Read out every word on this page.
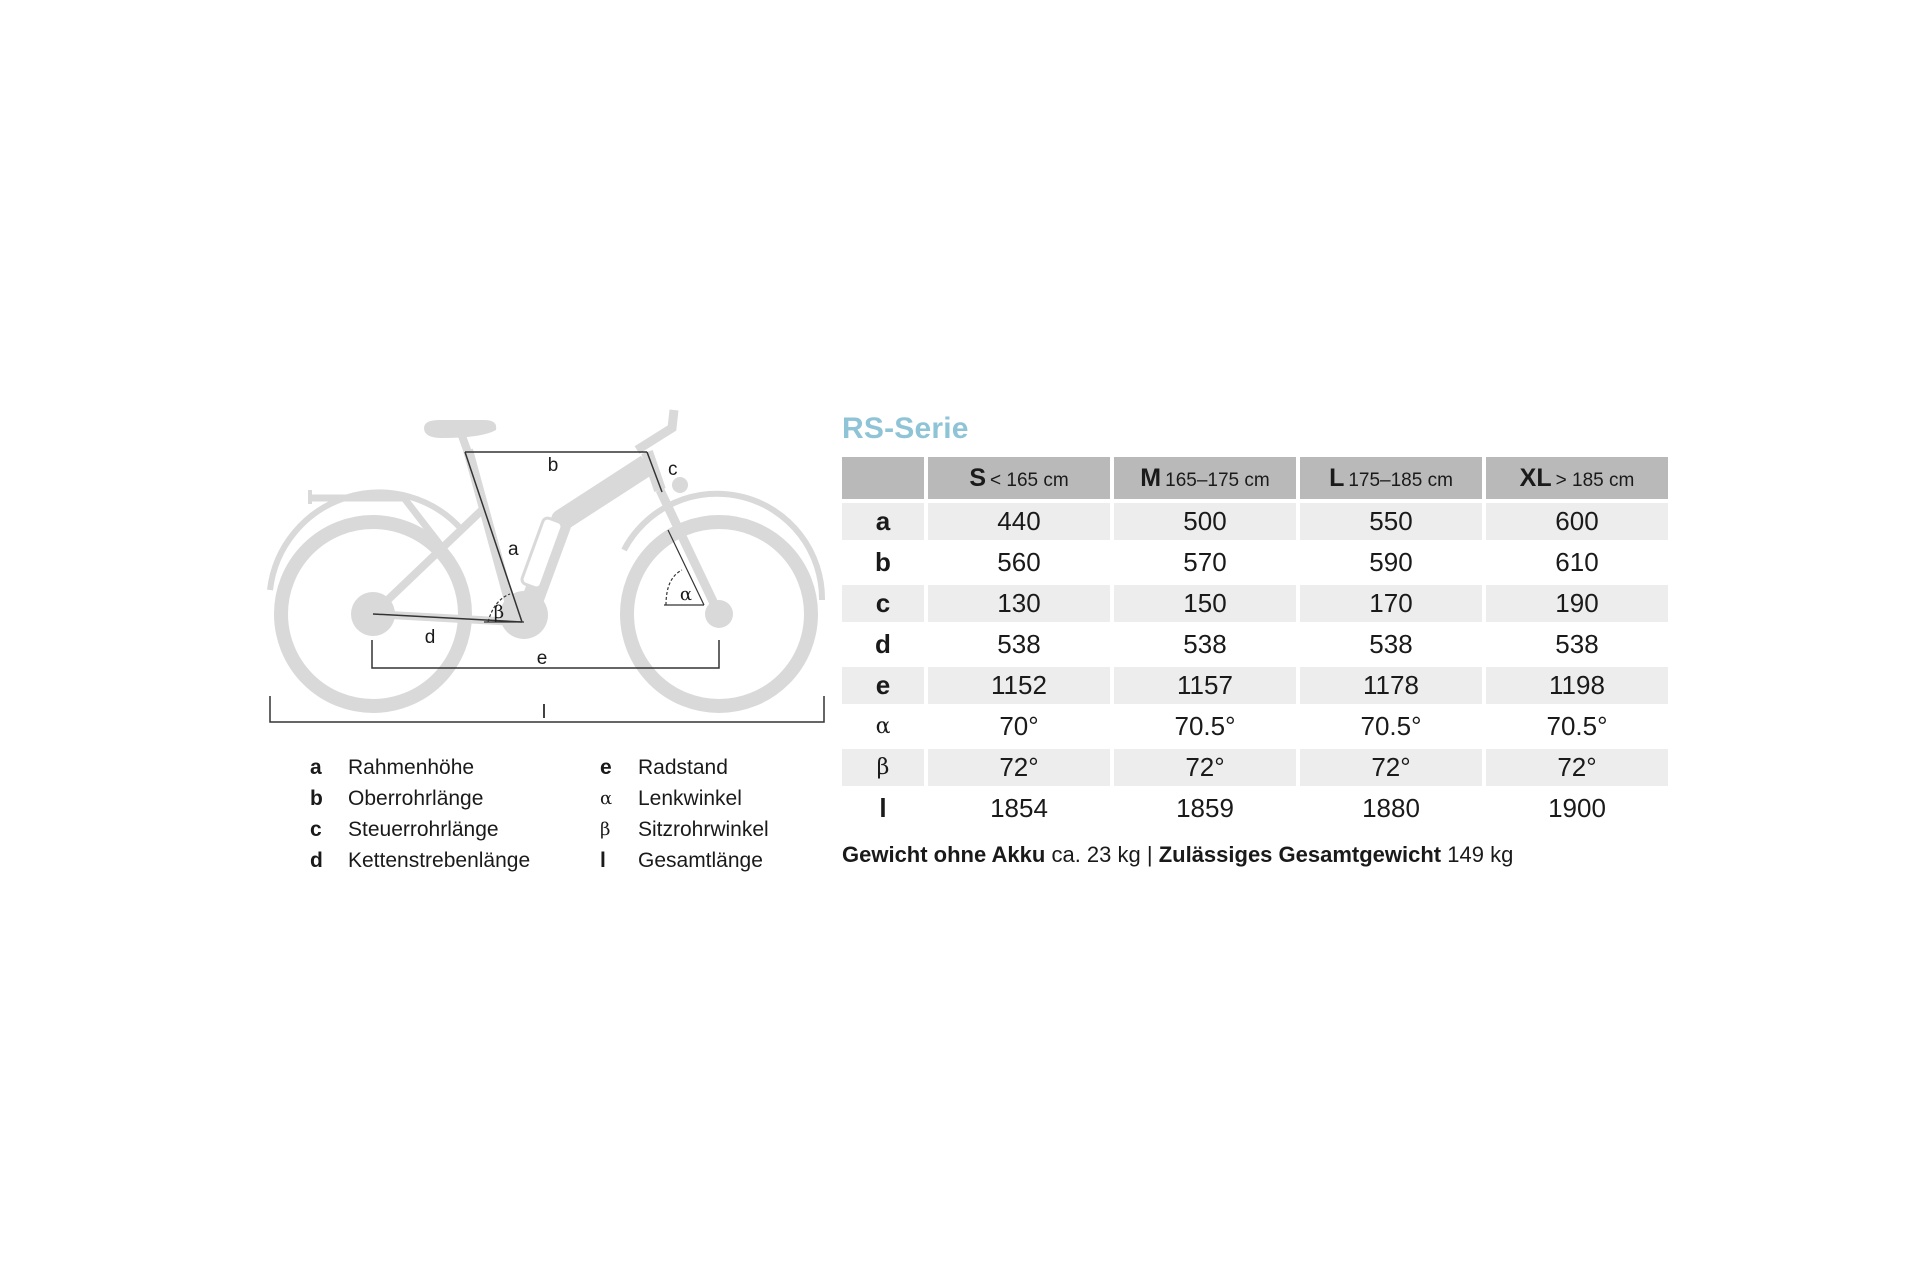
b	c
a
β
α
d
e
l
a	Rahmenhöhe
b	Oberrohrlänge
c	Steuerrohrlänge
d	Kettenstrebenlänge
e	Radstand
α	Lenkwinkel
β	Sitzrohrwinkel
l	Gesamtlänge
RS-Serie
	S < 165 cm	M 165–175 cm	L 175–185 cm	XL > 185 cm
a	440	500	550	600
b	560	570	590	610
c	130	150	170	190
d	538	538	538	538
e	1152	1157	1178	1198
α	70°	70.5°	70.5°	70.5°
β	72°	72°	72°	72°
l	1854	1859	1880	1900
Gewicht ohne Akku ca. 23 kg | Zulässiges Gesamtgewicht 149 kg
